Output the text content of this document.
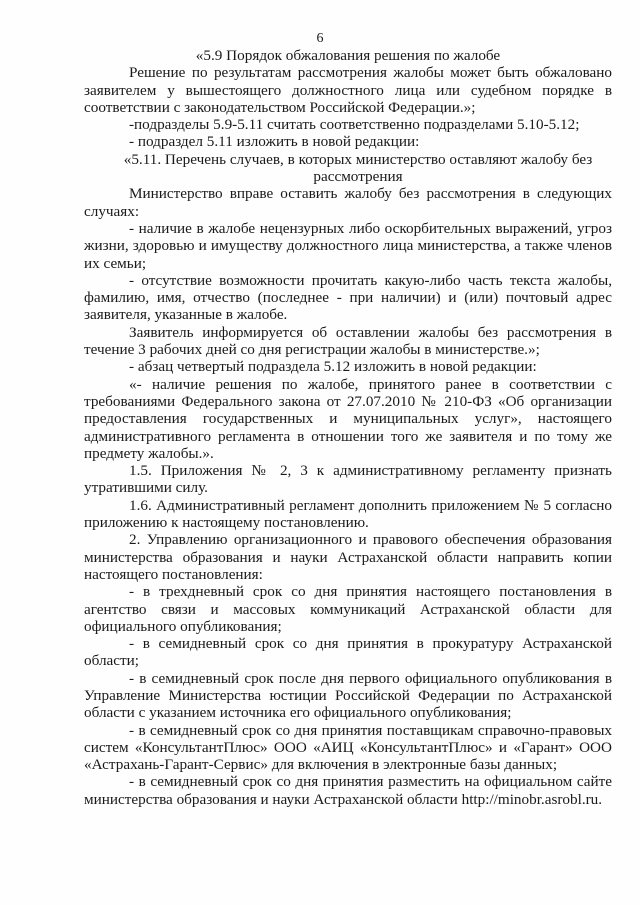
6

«5.9 Порядок обжалования решения по жалобе

Решение по результатам рассмотрения жалобы может быть обжаловано заявителем у вышестоящего должностного лица или судебном порядке в соответствии с законодательством Российской Федерации.»;

-подразделы 5.9-5.11 считать соответственно подразделами 5.10-5.12;

- подраздел 5.11 изложить в новой редакции:

«5.11. Перечень случаев, в которых министерство оставляют жалобу без рассмотрения

Министерство вправе оставить жалобу без рассмотрения в следующих случаях:

- наличие в жалобе нецензурных либо оскорбительных выражений, угроз жизни, здоровью и имуществу должностного лица министерства, а также членов их семьи;

- отсутствие возможности прочитать какую-либо часть текста жалобы, фамилию, имя, отчество (последнее - при наличии) и (или) почтовый адрес заявителя, указанные в жалобе.

Заявитель информируется об оставлении жалобы без рассмотрения в течение 3 рабочих дней со дня регистрации жалобы в министерстве.»;

- абзац четвертый подраздела 5.12 изложить в новой редакции:

«- наличие решения по жалобе, принятого ранее в соответствии с требованиями Федерального закона от 27.07.2010 № 210-ФЗ «Об организации предоставления государственных и муниципальных услуг», настоящего административного регламента в отношении того же заявителя и по тому же предмету жалобы.».

1.5. Приложения № 2, 3 к административному регламенту признать утратившими силу.

1.6. Административный регламент дополнить приложением № 5 согласно приложению к настоящему постановлению.

2. Управлению организационного и правового обеспечения образования министерства образования и науки Астраханской области направить копии настоящего постановления:

- в трехдневный срок со дня принятия настоящего постановления в агентство связи и массовых коммуникаций Астраханской области для официального опубликования;

- в семидневный срок со дня принятия в прокуратуру Астраханской области;

- в семидневный срок после дня первого официального опубликования в Управление Министерства юстиции Российской Федерации по Астраханской области с указанием источника его официального опубликования;

- в семидневный срок со дня принятия поставщикам справочно-правовых систем «КонсультантПлюс» ООО «АИЦ «КонсультантПлюс» и «Гарант» ООО «Астрахань-Гарант-Сервис» для включения в электронные базы данных;

- в семидневный срок со дня принятия разместить на официальном сайте министерства образования и науки Астраханской области http://minobr.asrobl.ru.
